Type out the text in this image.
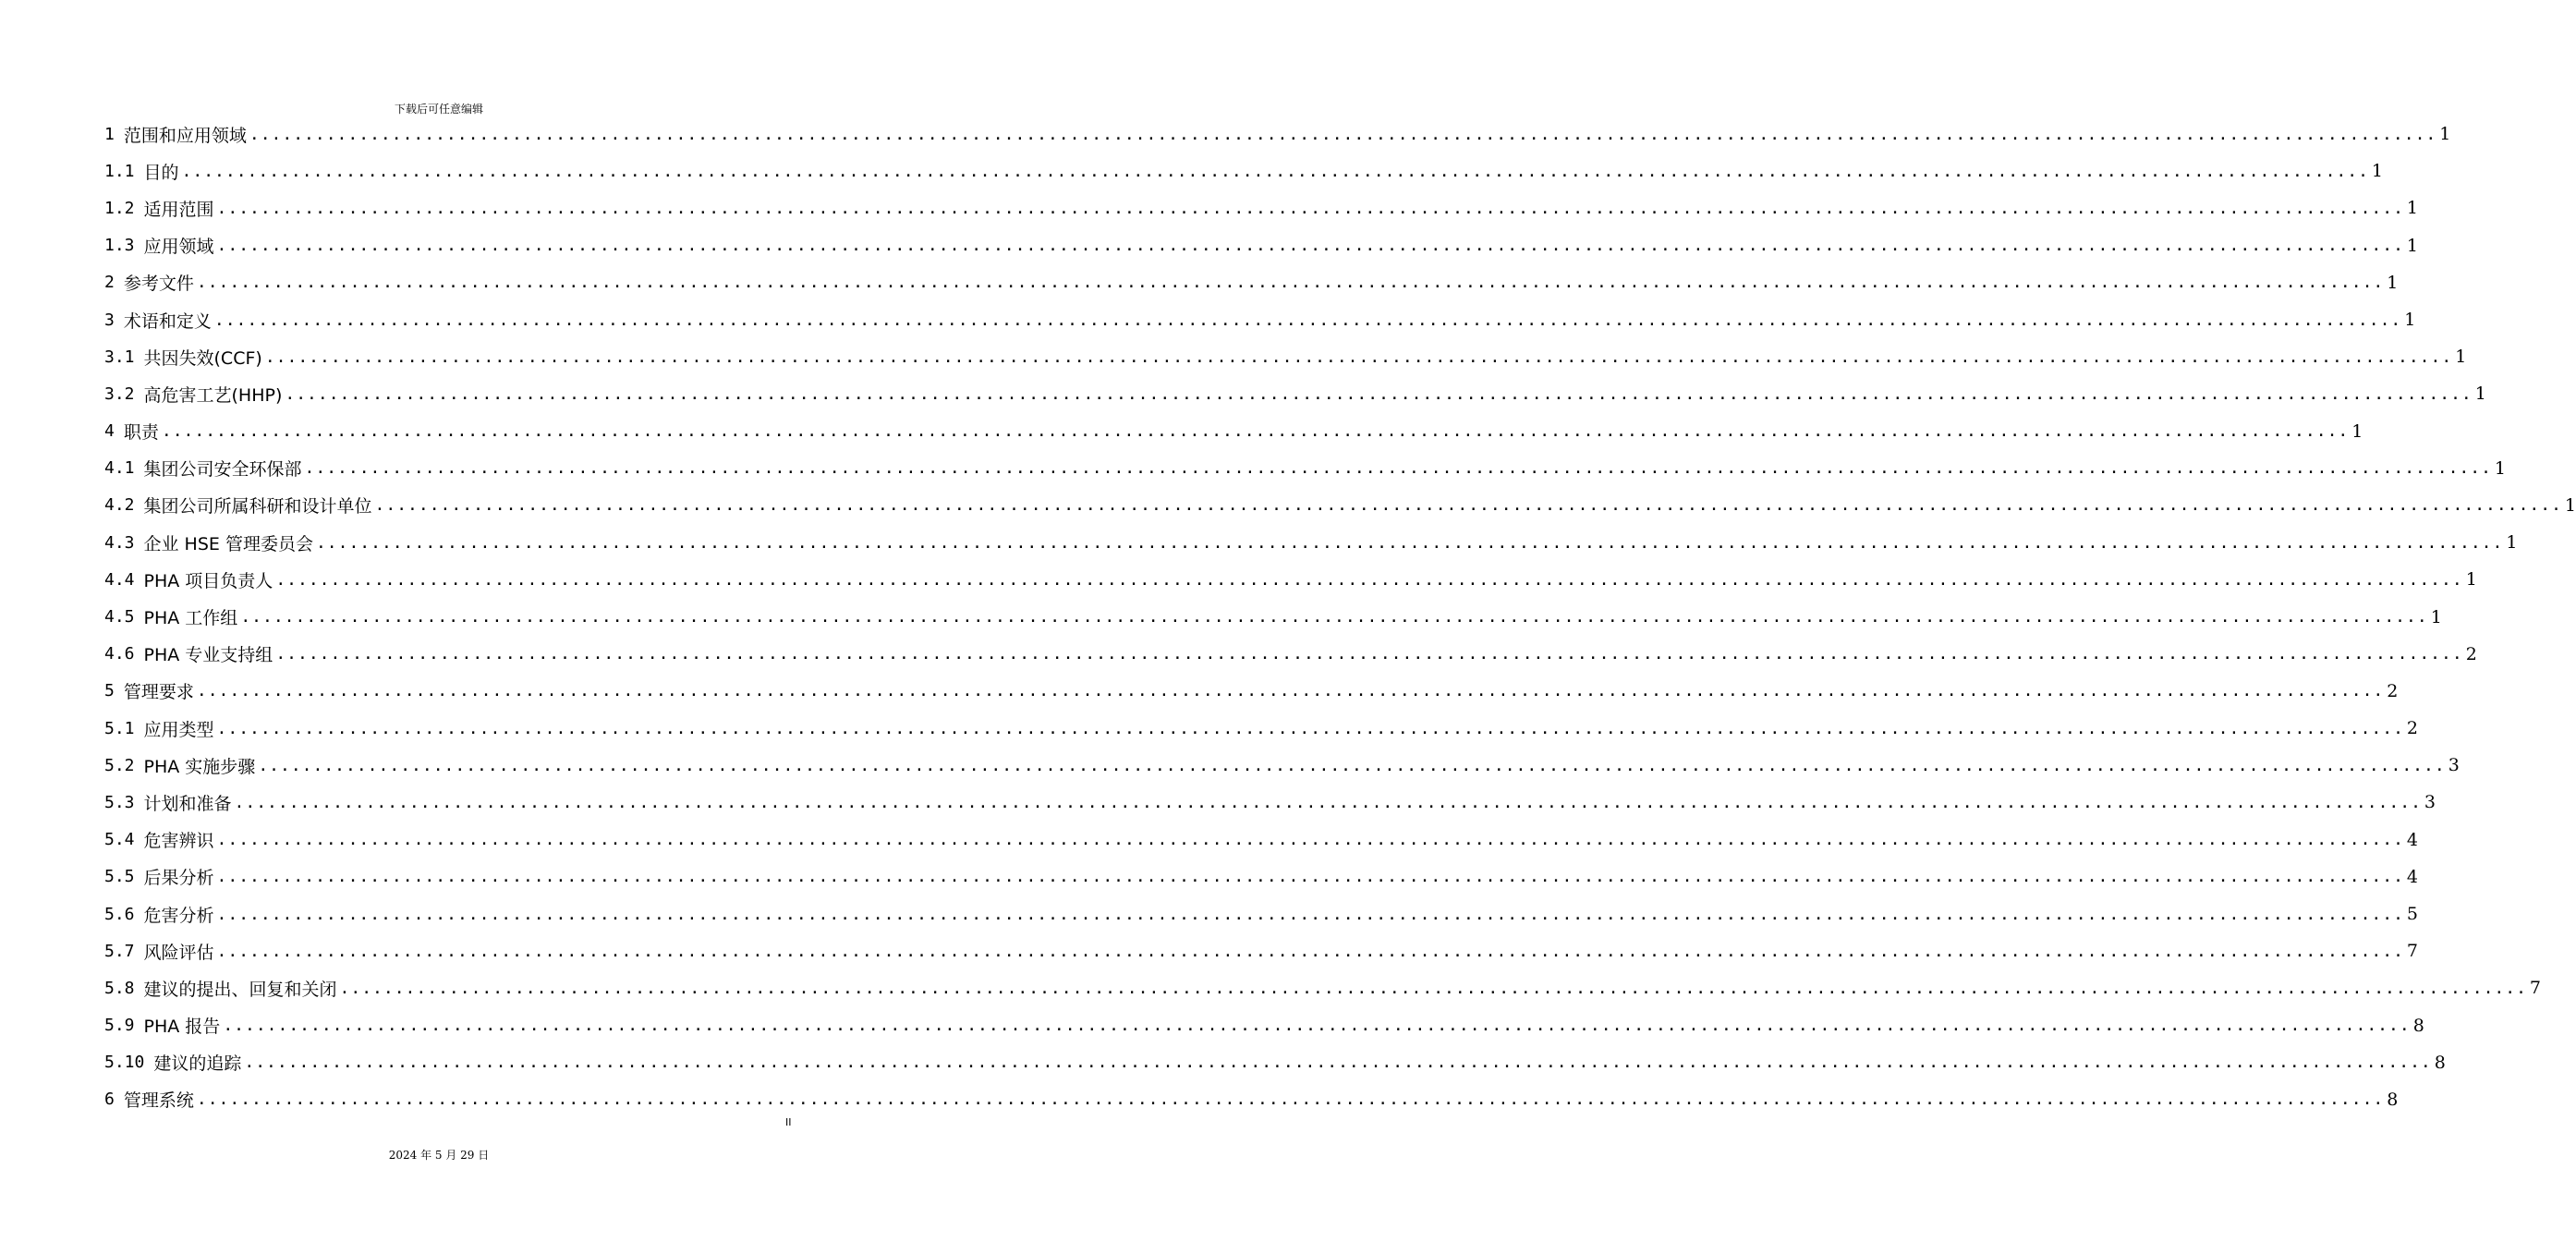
下载后可任意编辑
1 范围和应用领域 ........................................................................................................................................................................................................ 1
1.1 目的 ........................................................................................................................................................................................................ 1
1.2 适用范围 ........................................................................................................................................................................................................ 1
1.3 应用领域 ........................................................................................................................................................................................................ 1
2 参考文件 ........................................................................................................................................................................................................ 1
3 术语和定义 ........................................................................................................................................................................................................ 1
3.1 共因失效(CCF) ........................................................................................................................................................................................................ 1
3.2 高危害工艺(HHP) ........................................................................................................................................................................................................ 1
4 职责 ........................................................................................................................................................................................................ 1
4.1 集团公司安全环保部 ........................................................................................................................................................................................................ 1
4.2 集团公司所属科研和设计单位 ........................................................................................................................................................................................................ 1
4.3 企业 HSE 管理委员会 ........................................................................................................................................................................................................ 1
4.4 PHA 项目负责人 ........................................................................................................................................................................................................ 1
4.5 PHA 工作组 ........................................................................................................................................................................................................ 1
4.6 PHA 专业支持组 ........................................................................................................................................................................................................ 2
5 管理要求 ........................................................................................................................................................................................................ 2
5.1 应用类型 ........................................................................................................................................................................................................ 2
5.2 PHA 实施步骤 ........................................................................................................................................................................................................ 3
5.3 计划和准备 ........................................................................................................................................................................................................ 3
5.4 危害辨识 ........................................................................................................................................................................................................ 4
5.5 后果分析 ........................................................................................................................................................................................................ 4
5.6 危害分析 ........................................................................................................................................................................................................ 5
5.7 风险评估 ........................................................................................................................................................................................................ 7
5.8 建议的提出、回复和关闭 ........................................................................................................................................................................................................ 7
5.9 PHA 报告 ........................................................................................................................................................................................................ 8
5.10 建议的追踪 ........................................................................................................................................................................................................ 8
6 管理系统 ........................................................................................................................................................................................................ 8
II
2024 年 5 月 29 日
